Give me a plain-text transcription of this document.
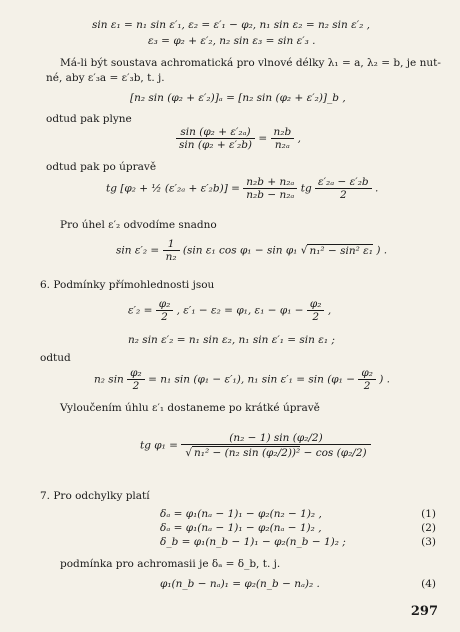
sin ε₁ = n₁ sin ε′₁, ε₂ = ε′₁ − φ₂, n₁ sin ε₂ = n₂ sin ε′₂ ,
ε₃ = φ₂ + ε′₂, n₂ sin ε₃ = sin ε′₃ .
Má-li být soustava achromatická pro vlnové délky λ₁ = a, λ₂ = b, je nut-
né, aby ε′₃a = ε′₃b, t. j.
[n₂ sin (φ₂ + ε′₂)]ₐ = [n₂ sin (φ₂ + ε′₂)]_b ,
odtud pak plyne
$\frac{\text{sin (φ₂ + ε′₂ₐ)}}{\text{sin (φ₂ + ε′₂b)}} = \frac{\text{n₂b}}{\text{n₂ₐ}}$ ,
odtud pak po úpravě
tg [φ₂ + ½ $(\varepsilon'_{2a} + \varepsilon'_2b)] = \frac{\text{n₂b + n₂ₐ}}{\text{n₂b − n₂ₐ}}$ tg $\frac{\text{ε′₂ₐ − ε′₂b}}{2}$ .
Pro úhel ε′₂ odvodíme snadno
$\sin \varepsilon'_2 = \frac{1}{\text{n₂}} (\sin$ ε₁ cos φ₁ − sin φ₁ √ n₁² − sin² ε₁ ) .
6. Podmínky přímohlednosti jsou
$\varepsilon'_2 = \frac{\text{φ₂}}{2}$ , ε′₁ − ε₂ = φ₁, $\varepsilon_1 - \varphi_1 - \frac{\text{φ₂}}{2}$ ,
n₂ sin ε′₂ = n₁ sin ε₂, n₁ sin ε′₁ = sin ε₁ ;
odtud
n₂ $\sin \frac{\text{φ₂}}{2} = n_1$ sin (φ₁ − ε′₁), n₁ $\sin \varepsilon'_1 = \sin (\varphi_1 - \frac{\text{φ₂}}{2}$ ) .
Vyloučením úhlu ε′₁ dostaneme po krátké úpravě
tg $\varphi_1 = \frac{\text{(n₂ − 1) sin (φ₂/2)}}{\text{√ n₁² − (n₂ sin (φ₂/2))² − cos (φ₂/2)}}$
7. Pro odchylky platí
δₐ = φ₁(nₐ − 1)₁ − φ₂(n₂ − 1)₂ ,	(1)
δₐ = φ₁(nₐ − 1)₁ − φ₂(nₐ − 1)₂ ,	(2)
δ_b = φ₁(n_b − 1)₁ − φ₂(n_b − 1)₂ ;	(3)
podmínka pro achromasii je δₐ = δ_b, t. j.
φ₁(n_b − nₐ)₁ = φ₂(n_b − nₐ)₂ .	(4)
297
